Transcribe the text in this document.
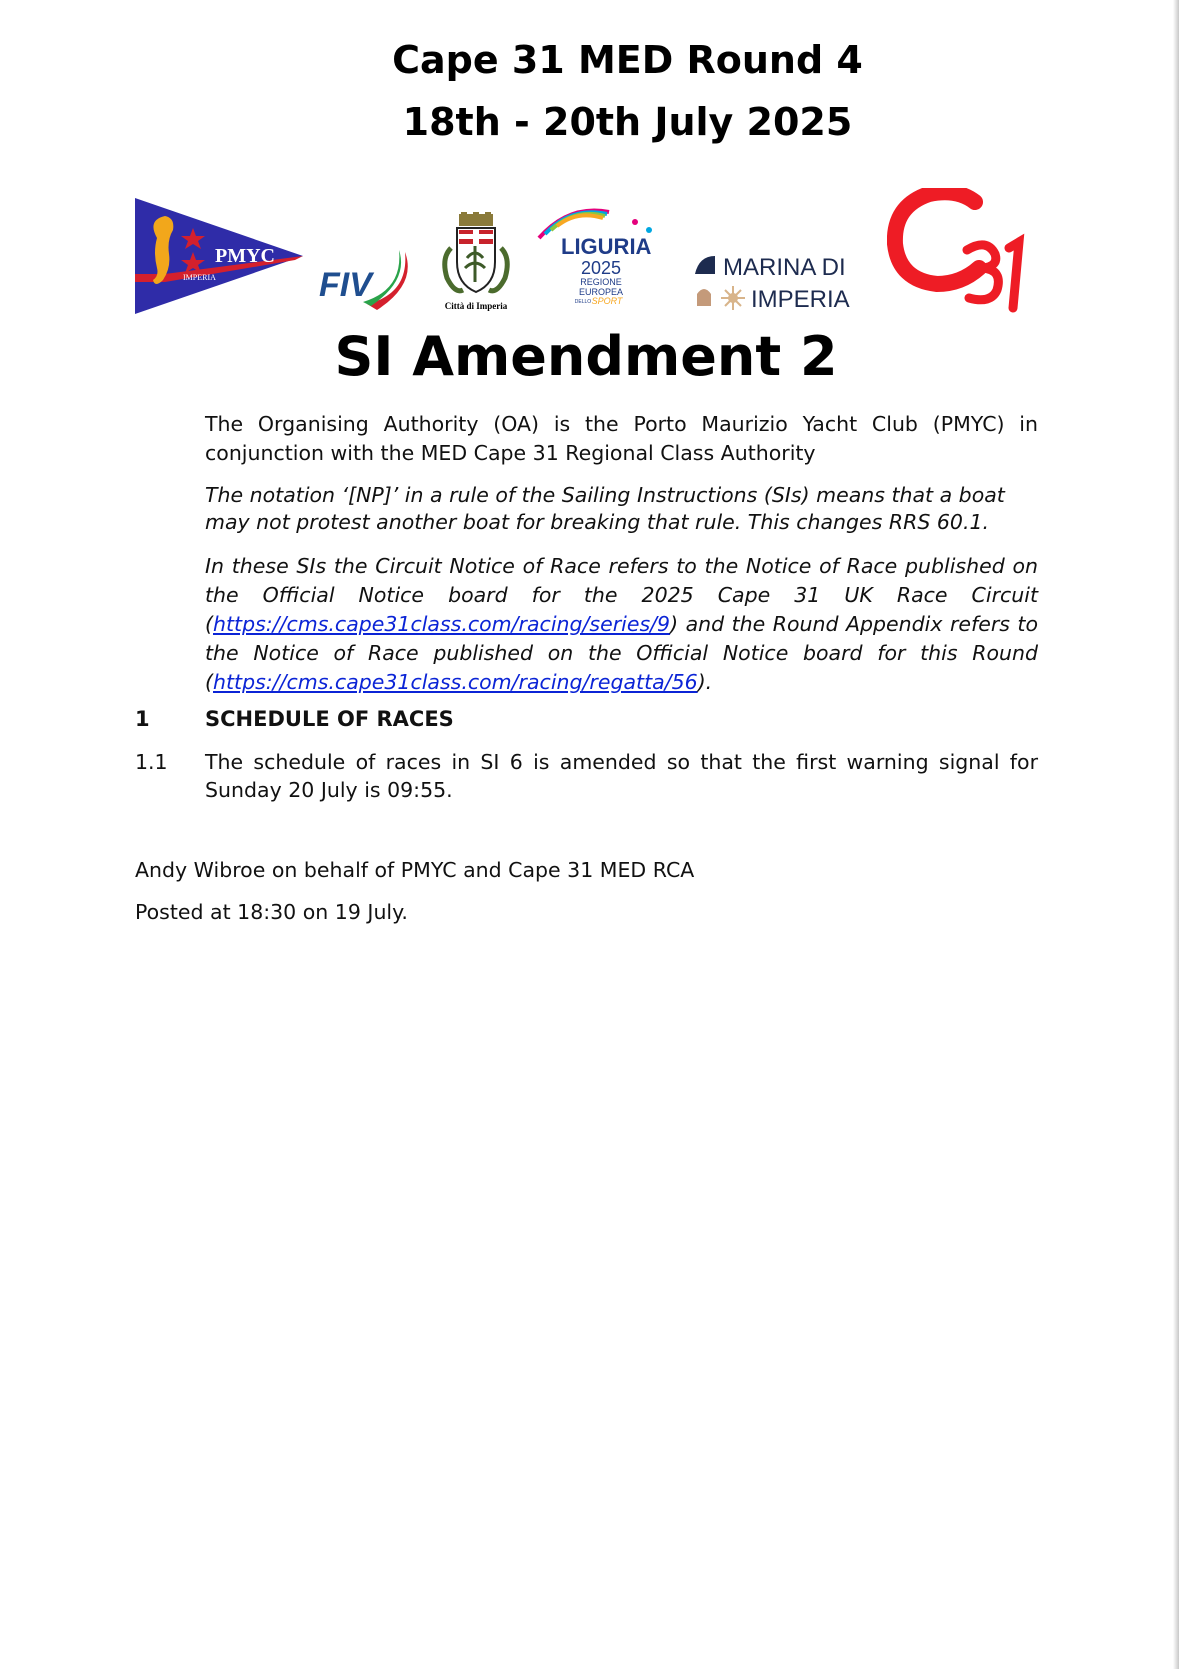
Cape 31 MED Round 4
18th - 20th July 2025
PMYC
IMPERIA	FIV
Città di Imperia
LIGURIA
2025
REGIONE
EUROPEA
DELLO SPORT
MARINA DI
IMPERIA	C31
SI Amendment 2
The Organising Authority (OA) is the Porto Maurizio Yacht Club (PMYC) in conjunction with the MED Cape 31 Regional Class Authority
The notation ‘[NP]’ in a rule of the Sailing Instructions (SIs) means that a boat may not protest another boat for breaking that rule. This changes RRS 60.1.
In these SIs the Circuit Notice of Race refers to the Notice of Race published on the Official Notice board for the 2025 Cape 31 UK Race Circuit (https://cms.cape31class.com/racing/series/9) and the Round Appendix refers to the Notice of Race published on the Official Notice board for this Round (https://cms.cape31class.com/racing/regatta/56).
1	SCHEDULE OF RACES
1.1 The schedule of races in SI 6 is amended so that the first warning signal for Sunday 20 July is 09:55.
Andy Wibroe on behalf of PMYC and Cape 31 MED RCA
Posted at 18:30 on 19 July.
